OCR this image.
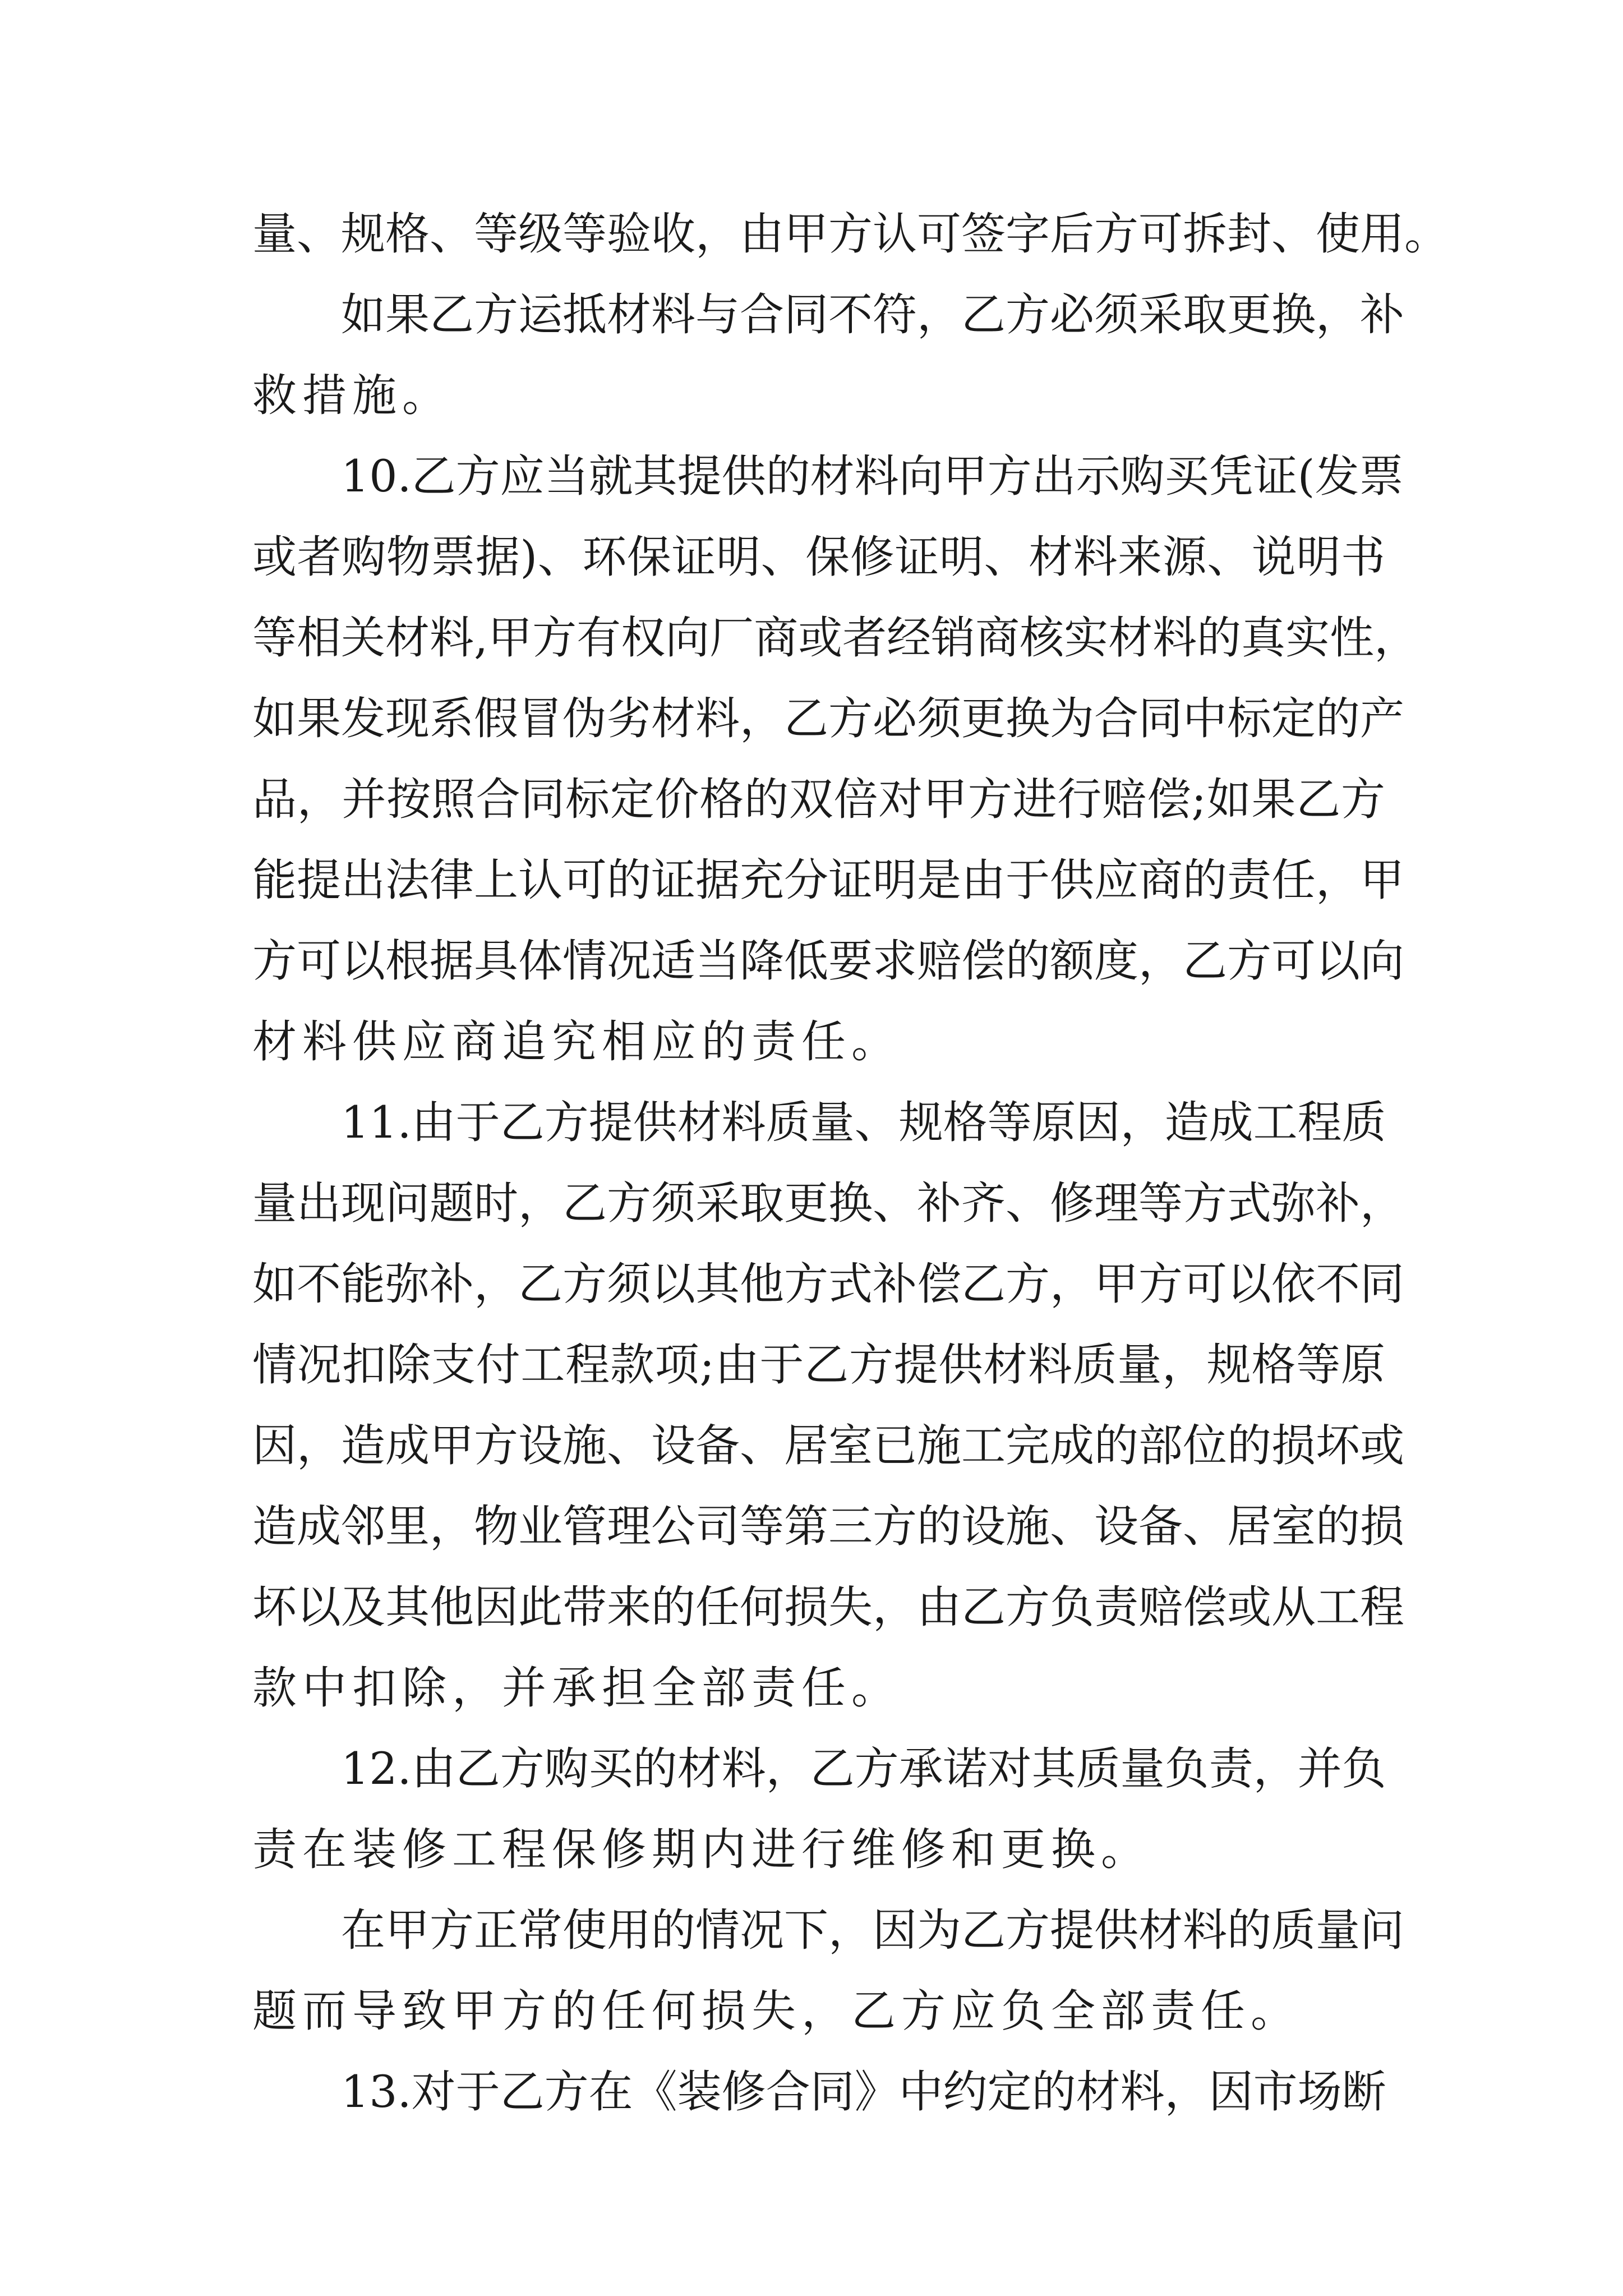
量、规格、等级等验收，由甲方认可签字后方可拆封、使用。
如果乙方运抵材料与合同不符，乙方必须采取更换，补
救措施。
10.乙方应当就其提供的材料向甲方出示购买凭证(发票
或者购物票据)、环保证明、保修证明、材料来源、说明书
等相关材料,甲方有权向厂商或者经销商核实材料的真实性，
如果发现系假冒伪劣材料，乙方必须更换为合同中标定的产
品，并按照合同标定价格的双倍对甲方进行赔偿;如果乙方
能提出法律上认可的证据充分证明是由于供应商的责任，甲
方可以根据具体情况适当降低要求赔偿的额度，乙方可以向
材料供应商追究相应的责任。
11.由于乙方提供材料质量、规格等原因，造成工程质
量出现问题时，乙方须采取更换、补齐、修理等方式弥补，
如不能弥补，乙方须以其他方式补偿乙方，甲方可以依不同
情况扣除支付工程款项;由于乙方提供材料质量，规格等原
因，造成甲方设施、设备、居室已施工完成的部位的损坏或
造成邻里，物业管理公司等第三方的设施、设备、居室的损
坏以及其他因此带来的任何损失，由乙方负责赔偿或从工程
款中扣除，并承担全部责任。
12.由乙方购买的材料，乙方承诺对其质量负责，并负
责在装修工程保修期内进行维修和更换。
在甲方正常使用的情况下，因为乙方提供材料的质量问
题而导致甲方的任何损失，乙方应负全部责任。
13.对于乙方在《装修合同》中约定的材料，因市场断
